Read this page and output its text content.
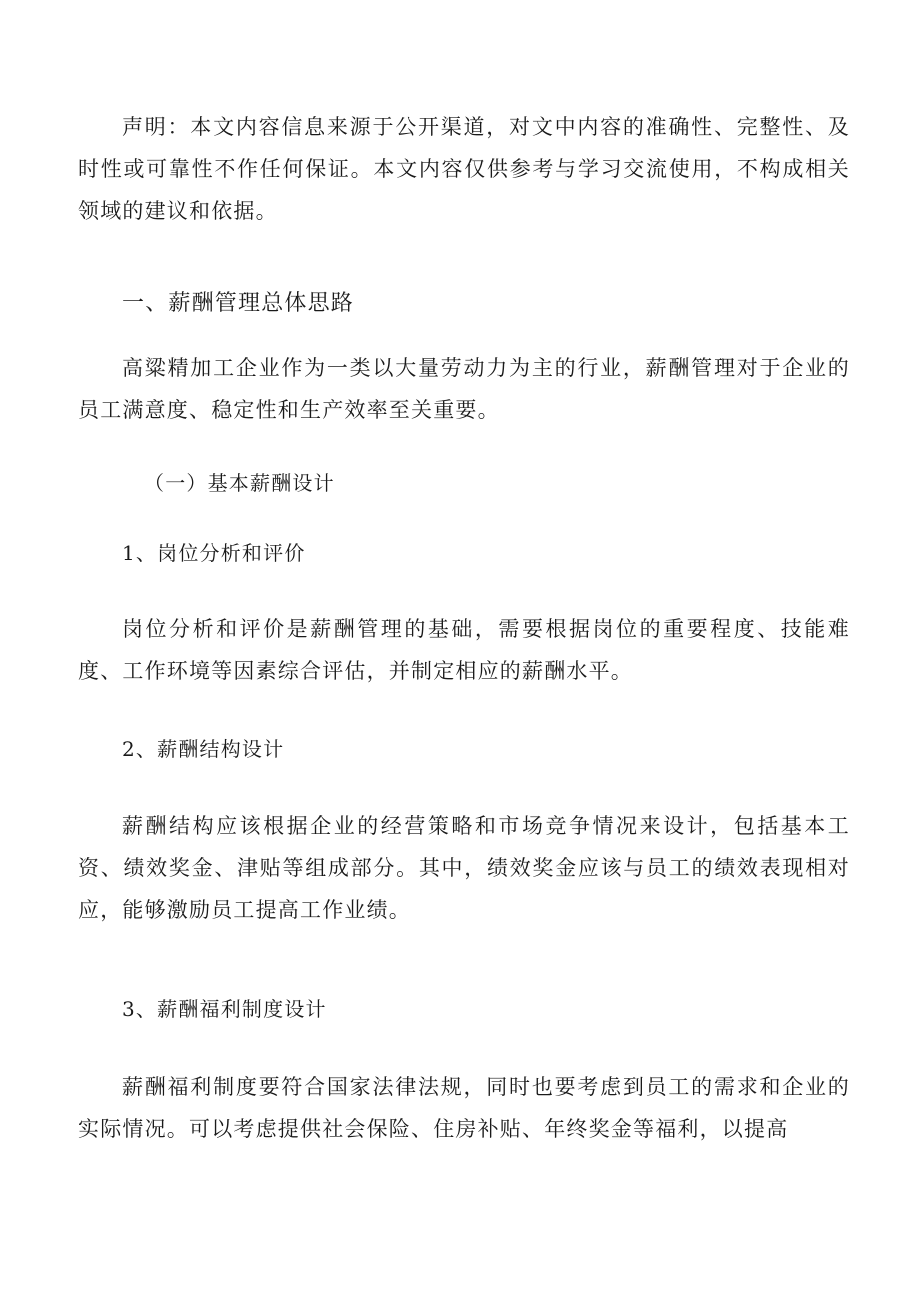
声明：本文内容信息来源于公开渠道，对文中内容的准确性、完整性、及时性或可靠性不作任何保证。本文内容仅供参考与学习交流使用，不构成相关领域的建议和依据。

一、薪酬管理总体思路

高粱精加工企业作为一类以大量劳动力为主的行业，薪酬管理对于企业的员工满意度、稳定性和生产效率至关重要。

（一）基本薪酬设计

1、岗位分析和评价

岗位分析和评价是薪酬管理的基础，需要根据岗位的重要程度、技能难度、工作环境等因素综合评估，并制定相应的薪酬水平。

2、薪酬结构设计

薪酬结构应该根据企业的经营策略和市场竞争情况来设计，包括基本工资、绩效奖金、津贴等组成部分。其中，绩效奖金应该与员工的绩效表现相对应，能够激励员工提高工作业绩。

3、薪酬福利制度设计

薪酬福利制度要符合国家法律法规，同时也要考虑到员工的需求和企业的实际情况。可以考虑提供社会保险、住房补贴、年终奖金等福利，以提高
